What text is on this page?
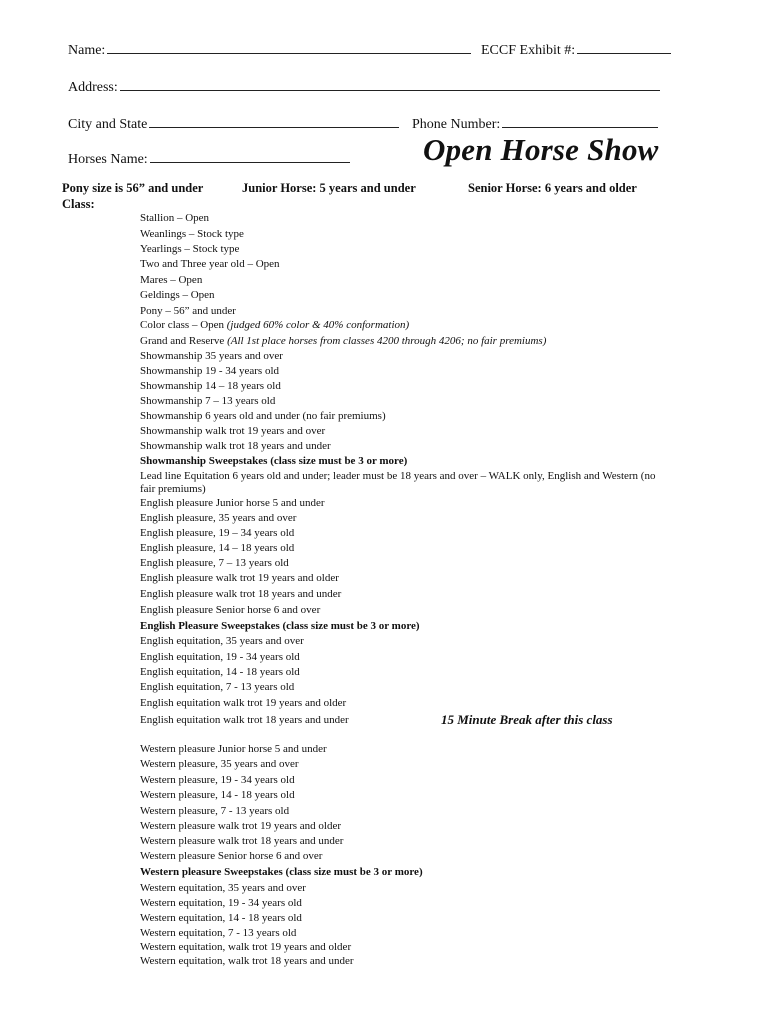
Name:	ECCF Exhibit #:
Address:
City and State	Phone Number:
Horses Name:	Open Horse Show
Pony size is 56” and under	Junior Horse: 5 years and under	Senior Horse: 6 years and older
Class:
Stallion – Open
Weanlings – Stock type
Yearlings – Stock type
Two and Three year old – Open
Mares – Open
Geldings – Open
Pony – 56” and under
Color class – Open (judged 60% color & 40% conformation)
Grand and Reserve (All 1st place horses from classes 4200 through 4206; no fair premiums)
Showmanship 35 years and over
Showmanship 19 - 34 years old
Showmanship 14 – 18 years old
Showmanship 7 – 13 years old
Showmanship 6 years old and under (no fair premiums)
Showmanship walk trot 19 years and over
Showmanship walk trot 18 years and under
Showmanship Sweepstakes (class size must be 3 or more)
Lead line Equitation 6 years old and under; leader must be 18 years and over – WALK only, English and Western (no
English pleasure Junior horse 5 and under
English pleasure, 35 years and over
English pleasure, 19 – 34 years old
English pleasure, 14 – 18 years old
English pleasure, 7 – 13 years old
English pleasure walk trot 19 years and older
English pleasure walk trot 18 years and under
English pleasure Senior horse 6 and over
English Pleasure Sweepstakes (class size must be 3 or more)
English equitation, 35 years and over
English equitation, 19 - 34 years old
English equitation, 14 - 18 years old
English equitation, 7 - 13 years old
English equitation walk trot 19 years and older
English equitation walk trot 18 years and under
Western pleasure Junior horse 5 and under
Western pleasure, 35 years and over
Western pleasure, 19 - 34 years old
Western pleasure, 14 - 18 years old
Western pleasure, 7 - 13 years old
Western pleasure walk trot 19 years and older
Western pleasure walk trot 18 years and under
Western pleasure Senior horse 6 and over
Western pleasure Sweepstakes (class size must be 3 or more)
Western equitation, 35 years and over
Western equitation, 19 - 34 years old
Western equitation, 14 - 18 years old
Western equitation, 7 - 13 years old
Western equitation, walk trot 19 years and older
Western equitation, walk trot 18 years and under
fair premiums)
15 Minute Break after this class
